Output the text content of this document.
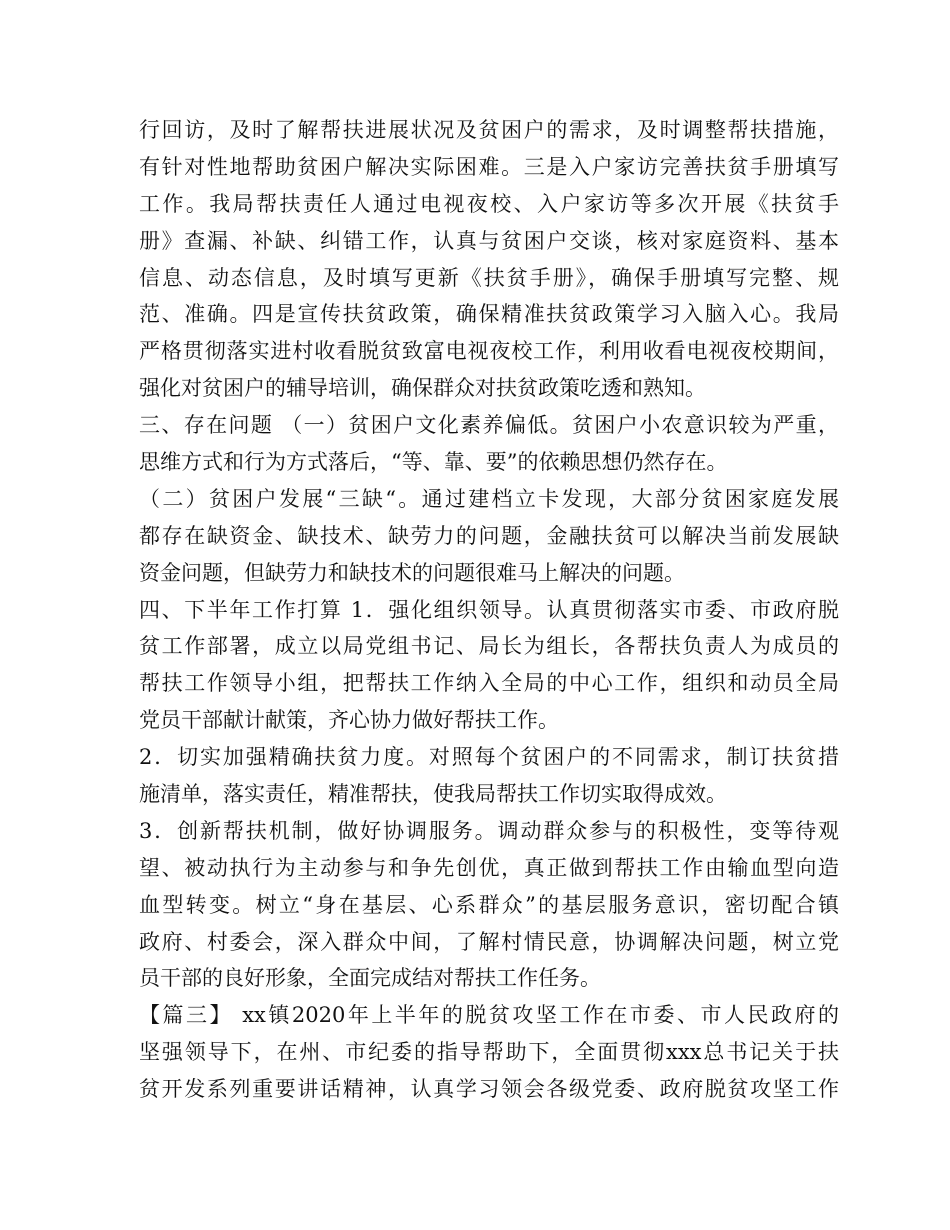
行回访，及时了解帮扶进展状况及贫困户的需求，及时调整帮扶措施，
有针对性地帮助贫困户解决实际困难。三是入户家访完善扶贫手册填写
工作。我局帮扶责任人通过电视夜校、入户家访等多次开展《扶贫手
册》查漏、补缺、纠错工作，认真与贫困户交谈，核对家庭资料、基本
信息、动态信息，及时填写更新《扶贫手册》，确保手册填写完整、规
范、准确。四是宣传扶贫政策，确保精准扶贫政策学习入脑入心。我局
严格贯彻落实进村收看脱贫致富电视夜校工作，利用收看电视夜校期间，
强化对贫困户的辅导培训，确保群众对扶贫政策吃透和熟知。
三、存在问题 （一）贫困户文化素养偏低。贫困户小农意识较为严重，
思维方式和行为方式落后，“等、靠、要”的依赖思想仍然存在。
（二）贫困户发展“三缺“。通过建档立卡发现，大部分贫困家庭发展
都存在缺资金、缺技术、缺劳力的问题，金融扶贫可以解决当前发展缺
资金问题，但缺劳力和缺技术的问题很难马上解决的问题。
四、下半年工作打算 1．强化组织领导。认真贯彻落实市委、市政府脱
贫工作部署，成立以局党组书记、局长为组长，各帮扶负责人为成员的
帮扶工作领导小组，把帮扶工作纳入全局的中心工作，组织和动员全局
党员干部献计献策，齐心协力做好帮扶工作。
2．切实加强精确扶贫力度。对照每个贫困户的不同需求，制订扶贫措
施清单，落实责任，精准帮扶，使我局帮扶工作切实取得成效。
3．创新帮扶机制，做好协调服务。调动群众参与的积极性，变等待观
望、被动执行为主动参与和争先创优，真正做到帮扶工作由输血型向造
血型转变。树立“身在基层、心系群众”的基层服务意识，密切配合镇
政府、村委会，深入群众中间，了解村情民意，协调解决问题，树立党
员干部的良好形象，全面完成结对帮扶工作任务。
【篇三】 xx镇2020年上半年的脱贫攻坚工作在市委、市人民政府的
坚强领导下，在州、市纪委的指导帮助下，全面贯彻xxx总书记关于扶
贫开发系列重要讲话精神，认真学习领会各级党委、政府脱贫攻坚工作
